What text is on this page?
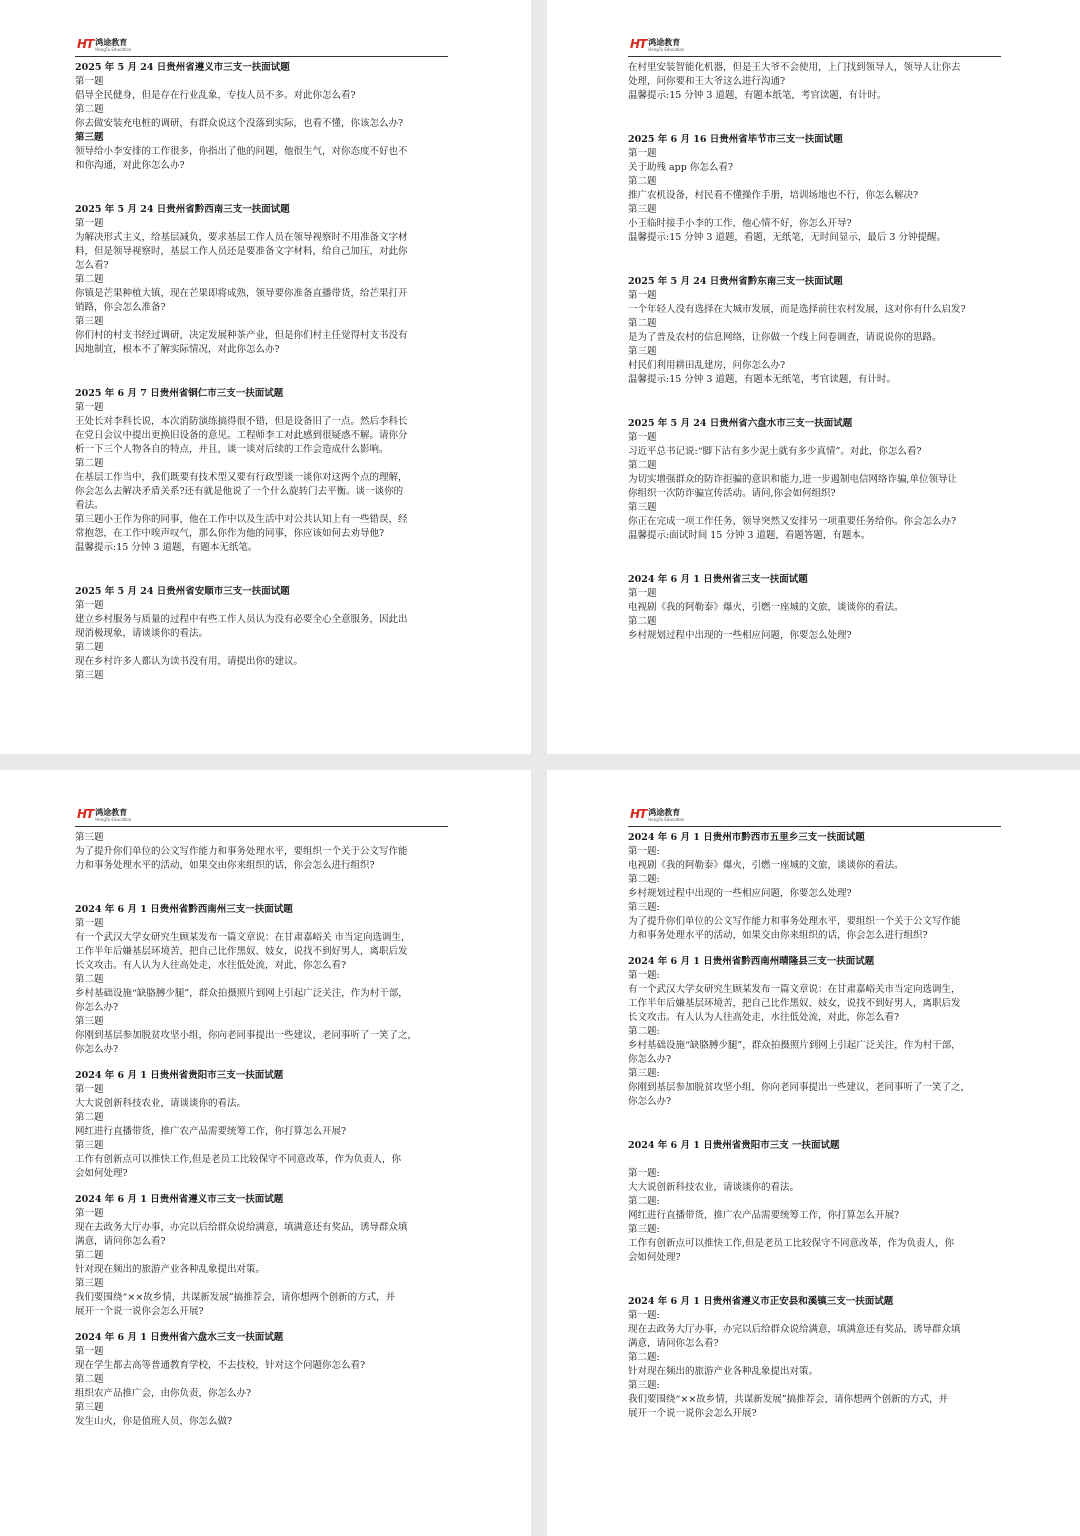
HT 鸿途教育
HongTu Education
2025 年 5 月 24 日贵州省遵义市三支一扶面试题
第一题
倡导全民健身，但是存在行业乱象，专技人员不多。对此你怎么看?
第二题
你去做安装充电桩的调研，有群众说这个没落到实际，也看不懂，你该怎么办?
第三题
领导给小李安排的工作很多，你指出了他的问题，他很生气，对你态度不好也不
和你沟通，对此你怎么办?
2025 年 5 月 24 日贵州省黔西南三支一扶面试题
第一题
为解决形式主义，给基层减负，要求基层工作人员在领导视察时不用准备文字材
料，但是领导视察时，基层工作人员还是要准备文字材料，给自己加压，对此你
怎么看?
第二题
你镇是芒果种植大镇，现在芒果即将成熟，领导要你准备直播带货，给芒果打开
销路，你会怎么准备?
第三题
你们村的村支书经过调研，决定发展种茶产业，但是你们村主任觉得村支书没有
因地制宜，根本不了解实际情况，对此你怎么办?
2025 年 6 月 7 日贵州省铜仁市三支一扶面试题
第一题
王处长对李科长说，本次消防演练搞得很不错，但是设备旧了一点。然后李科长
在党日会议中提出更换旧设备的意见。工程师李工对此感到很疑惑不解。请你分
析一下三个人物各自的特点，并且，谈一谈对后续的工作会造成什么影响。
第二题
在基层工作当中，我们既要有技术型又要有行政型谈一谈你对这两个点的理解，
你会怎么去解决矛盾关系?还有就是他说了一个什么旋转门去平衡。谈一谈你的
看法。
第三题小王作为你的同事，他在工作中以及生活中对公共认知上有一些错误，经
常抱怨，在工作中唉声叹气，那么你作为他的同事，你应该如何去劝导他?
温馨提示:15 分钟 3 道题，有题本无纸笔。
2025 年 5 月 24 日贵州省安顺市三支一扶面试题
第一题
建立乡村服务与质量的过程中有些工作人员认为没有必要全心全意服务，因此出
现消极现象，请谈谈你的看法。
第二题
现在乡村许多人都认为读书没有用，请提出你的建议。
第三题
HT 鸿途教育
HongTu Education
在村里安装智能化机器，但是王大爷不会使用，上门找到领导人，领导人让你去
处理，问你要和王大爷这么进行沟通?
温馨提示:15 分钟 3 道题，有题本纸笔，考官读题，有计时。
2025 年 6 月 16 日贵州省毕节市三支一扶面试题
第一题
关于助残 app 你怎么看?
第二题
推广农机设备，村民看不懂操作手册，培训场地也不行，你怎么解决?
第三题
小王临时接手小李的工作，他心情不好，你怎么开导?
温馨提示:15 分钟 3 道题，看题，无纸笔，无时间显示，最后 3 分钟提醒。
2025 年 5 月 24 日贵州省黔东南三支一扶面试题
第一题
一个年轻人没有选择在大城市发展，而是选择前往农村发展，这对你有什么启发?
第二题
是为了普及农村的信息网络，让你做一个线上问卷调查，请说说你的思路。
第三题
村民们利用耕田乱建房，问你怎么办?
温馨提示:15 分钟 3 道题，有题本无纸笔，考官读题，有计时。
2025 年 5 月 24 日贵州省六盘水市三支一扶面试题
第一题
习近平总书记说:“脚下沾有多少泥土就有多少真情”。对此，你怎么看?
第二题
为切实增强群众的防诈拒骗的意识和能力,进一步遏制电信网络诈骗,单位领导让
你组织一次防诈骗宣传活动。请问,你会如何组织?
第三题
你正在完成一项工作任务，领导突然又安排另一项重要任务给你。你会怎么办?
温馨提示:面试时间 15 分钟 3 道题，看题答题，有题本。
2024 年 6 月 1 日贵州省三支一扶面试题
第一题
电视剧《我的阿勒泰》爆火，引燃一座城的文旅，谈谈你的看法。
第二题
乡村规划过程中出现的一些相应问题，你要怎么处理?
HT 鸿途教育
HongTu Education
第三题
为了提升你们单位的公文写作能力和事务处理水平，要组织一个关于公文写作能
力和事务处理水平的活动，如果交由你来组织的话，你会怎么进行组织?
2024 年 6 月 1 日贵州省黔西南州三支一扶面试题
第一题
有一个武汉大学女研究生顾某发布一篇文章说：在甘肃嘉峪关 市当定向选调生，
工作半年后嫌基层环境苦，把自己比作黑奴、妓女，说找不到好男人，离职后发
长文攻击。有人认为人往高处走，水往低处流，对此，你怎么看?
第二题
乡村基础设施“缺胳膊少腿”，群众拍摄照片到网上引起广泛关注，作为村干部，
你怎么办?
第三题
你刚到基层参加脱贫攻坚小组，你向老同事提出一些建议，老同事听了一笑了之，
你怎么办?
2024 年 6 月 1 日贵州省贵阳市三支一扶面试题
第一题
大大说创新科技农业，请谈谈你的看法。
第二题
网红进行直播带货，推广农产品需要统筹工作，你打算怎么开展?
第三题
工作有创新点可以推快工作,但是老员工比较保守不同意改革，作为负责人，你
会如何处理?
2024 年 6 月 1 日贵州省遵义市三支一扶面试题
第一题
现在去政务大厅办事，办完以后给群众说给满意，填满意还有奖品，诱导群众填
满意，请问你怎么看?
第二题
针对现在频出的旅游产业各种乱象提出对策。
第三题
我们要围绕“××故乡情，共谋新发展”搞推荐会，请你想两个创新的方式，并
展开一个说一说你会怎么开展?
2024 年 6 月 1 日贵州省六盘水三支一扶面试题
第一题
现在学生都去高等普通教育学校，不去技校，针对这个问题你怎么看?
第二题
组织农产品推广会，由你负责，你怎么办?
第三题
发生山火，你是值班人员，你怎么做?
HT 鸿途教育
HongTu Education
2024 年 6 月 1 日贵州市黔西市五里乡三支一扶面试题
第一题:
电视剧《我的阿勒泰》爆火，引燃一座城的文旅，谈谈你的看法。
第二题:
乡村规划过程中出现的一些相应问题，你要怎么处理?
第三题:
为了提升你们单位的公文写作能力和事务处理水平，要组织一个关于公文写作能
力和事务处理水平的活动，如果交由你来组织的话，你会怎么进行组织?
2024 年 6 月 1 日贵州省黔西南州晴隆县三支一扶面试题
第一题:
有一个武汉大学女研究生顾某发布一篇文章说：在甘肃嘉峪关市当定向选调生，
工作半年后嫌基层环境苦，把自己比作黑奴、妓女，说找不到好男人，离职后发
长文攻击。有人认为人往高处走，水往低处流，对此，你怎么看?
第二题:
乡村基础设施“缺胳膊少腿”，群众拍摄照片到网上引起广泛关注，作为村干部，
你怎么办?
第三题:
你刚到基层参加脱贫攻坚小组，你向老同事提出一些建议，老同事听了一笑了之，
你怎么办?
2024 年 6 月 1 日贵州省贵阳市三支 一扶面试题
第一题:
大大说创新科技农业，请谈谈你的看法。
第二题:
网红进行直播带货，推广农产品需要统筹工作，你打算怎么开展?
第三题:
工作有创新点可以推快工作,但是老员工比较保守不同意改革，作为负责人，你
会如何处理?
2024 年 6 月 1 日贵州省遵义市正安县和溪镇三支一扶面试题
第一题:
现在去政务大厅办事，办完以后给群众说给满意，填满意还有奖品，诱导群众填
满意，请问你怎么看?
第二题:
针对现在频出的旅游产业各种乱象提出对策。
第三题:
我们要围绕“××故乡情，共谋新发展”搞推荐会，请你想两个创新的方式，并
展开一个说一说你会怎么开展?
